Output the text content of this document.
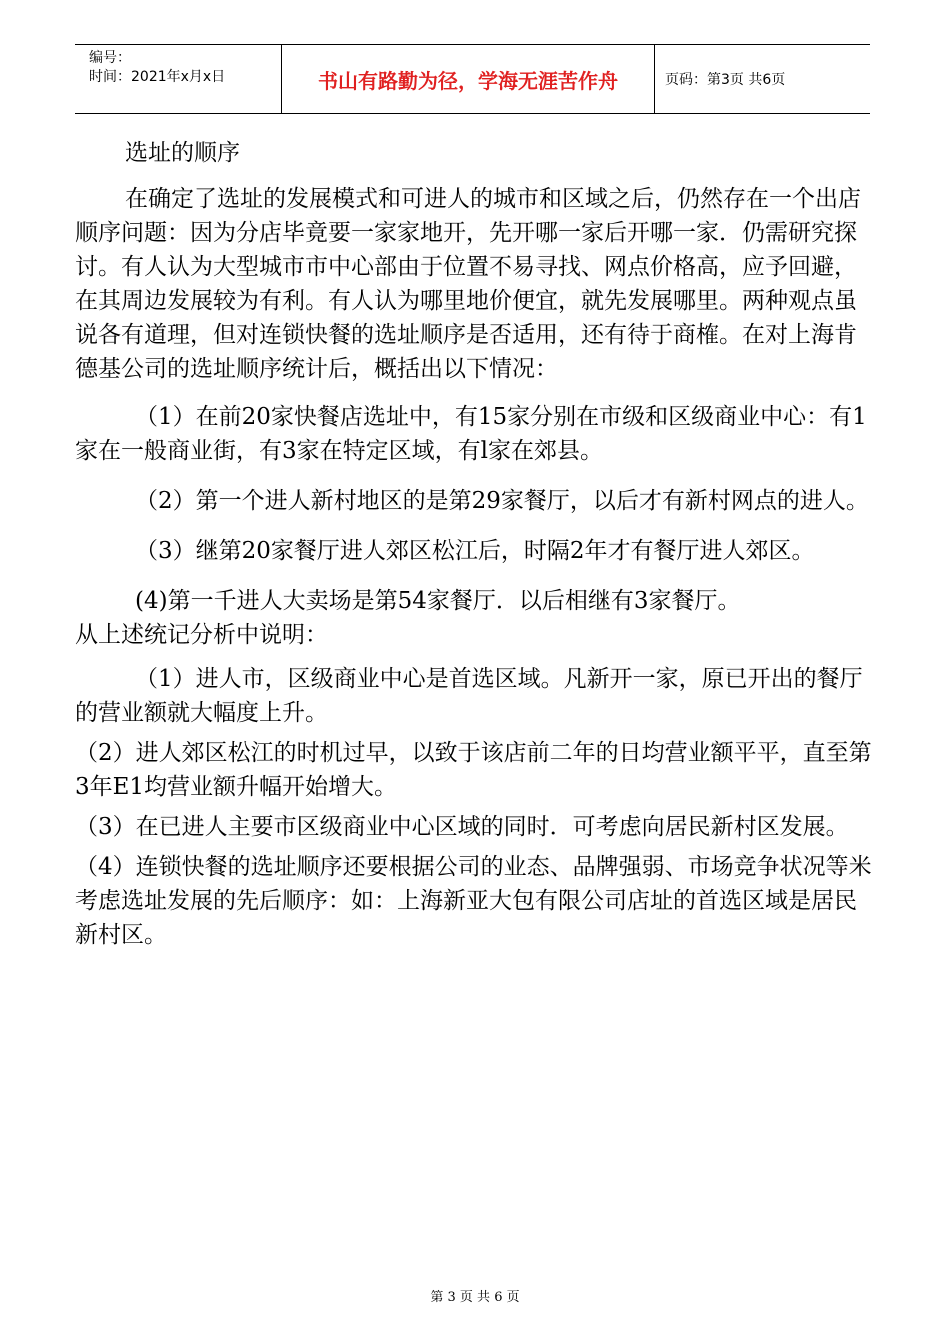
编号：
时间：2021年x月x日	书山有路勤为径，学海无涯苦作舟	页码：第3页 共6页

选址的顺序

在确定了选址的发展模式和可进人的城市和区域之后，仍然存在一个出店顺序问题：因为分店毕竟要一家家地开，先开哪一家后开哪一家．仍需研究探讨。有人认为大型城市市中心部由于位置不易寻找、网点价格高，应予回避，在其周边发展较为有利。有人认为哪里地价便宜，就先发展哪里。两种观点虽说各有道理，但对连锁快餐的选址顺序是否适用，还有待于商榷。在对上海肯德基公司的选址顺序统计后，概括出以下情况：

（1）在前20家快餐店选址中，有15家分别在市级和区级商业中心：有1家在一般商业街，有3家在特定区域，有l家在郊县。

（2）第一个进人新村地区的是第29家餐厅，以后才有新村网点的进人。

（3）继第20家餐厅进人郊区松江后，时隔2年才有餐厅进人郊区。

(4)第一千进人大卖场是第54家餐厅．以后相继有3家餐厅。

从上述统记分析中说明：

（1）进人市，区级商业中心是首选区域。凡新开一家，原已开出的餐厅的营业额就大幅度上升。

（2）进人郊区松江的时机过早，以致于该店前二年的日均营业额平平，直至第3年E1均营业额升幅开始增大。

（3）在已进人主要市区级商业中心区域的同时．可考虑向居民新村区发展。

（4）连锁快餐的选址顺序还要根据公司的业态、品牌强弱、市场竞争状况等米考虑选址发展的先后顺序：如：上海新亚大包有限公司店址的首选区域是居民新村区。

第 3 页 共 6 页
